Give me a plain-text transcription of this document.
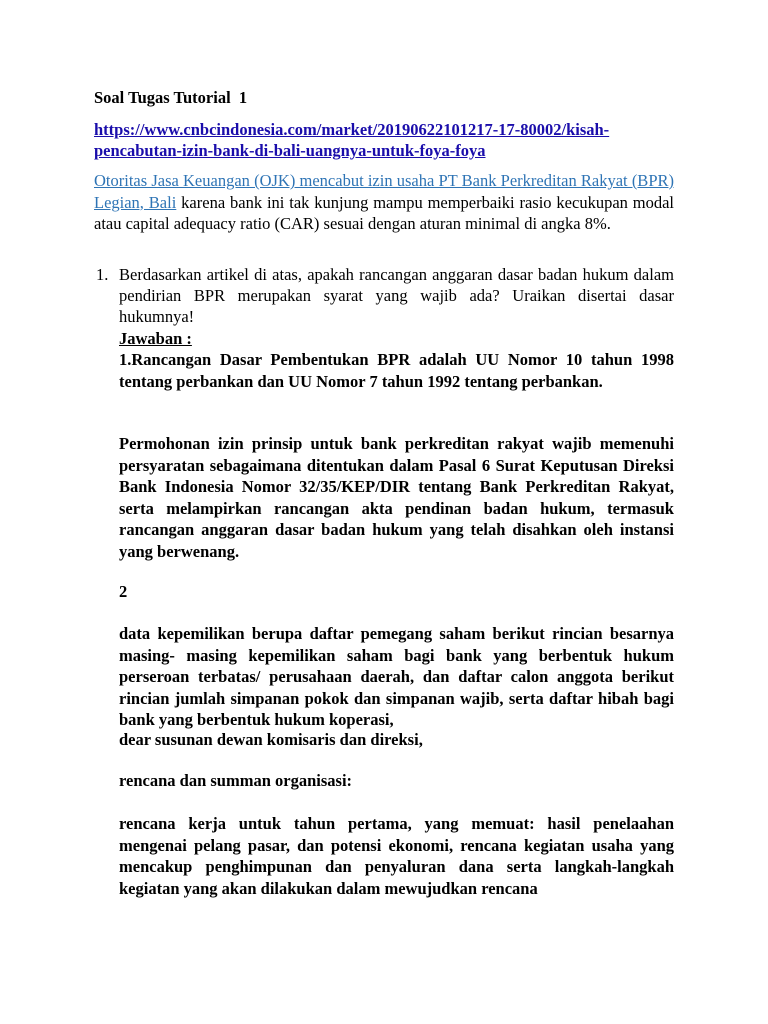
Soal Tugas Tutorial  1
https://www.cnbcindonesia.com/market/20190622101217-17-80002/kisah-
pencabutan-izin-bank-di-bali-uangnya-untuk-foya-foya
Otoritas Jasa Keuangan (OJK) mencabut izin usaha PT Bank Perkreditan Rakyat (BPR) Legian, Bali karena bank ini tak kunjung mampu memperbaiki rasio kecukupan modal atau capital adequacy ratio (CAR) sesuai dengan aturan minimal di angka 8%.
1. Berdasarkan artikel di atas, apakah rancangan anggaran dasar badan hukum dalam pendirian BPR merupakan syarat yang wajib ada? Uraikan disertai dasar hukumnya!
Jawaban :
1.Rancangan Dasar Pembentukan BPR adalah UU Nomor 10 tahun 1998 tentang perbankan dan UU Nomor 7 tahun 1992 tentang perbankan.
Permohonan izin prinsip untuk bank perkreditan rakyat wajib memenuhi persyaratan sebagaimana ditentukan dalam Pasal 6 Surat Keputusan Direksi Bank Indonesia Nomor 32/35/KEP/DIR tentang Bank Perkreditan Rakyat, serta melampirkan rancangan akta pendinan badan hukum, termasuk rancangan anggaran dasar badan hukum yang telah disahkan oleh instansi yang berwenang.
2
data kepemilikan berupa daftar pemegang saham berikut rincian besarnya masing- masing kepemilikan saham bagi bank yang berbentuk hukum perseroan terbatas/ perusahaan daerah, dan daftar calon anggota berikut rincian jumlah simpanan pokok dan simpanan wajib, serta daftar hibah bagi bank yang berbentuk hukum koperasi,
dear susunan dewan komisaris dan direksi,
rencana dan summan organisasi:
rencana kerja untuk tahun pertama, yang memuat: hasil penelaahan mengenai pelang pasar, dan potensi ekonomi, rencana kegiatan usaha yang mencakup penghimpunan dan penyaluran dana serta langkah-langkah kegiatan yang akan dilakukan dalam mewujudkan rencana
